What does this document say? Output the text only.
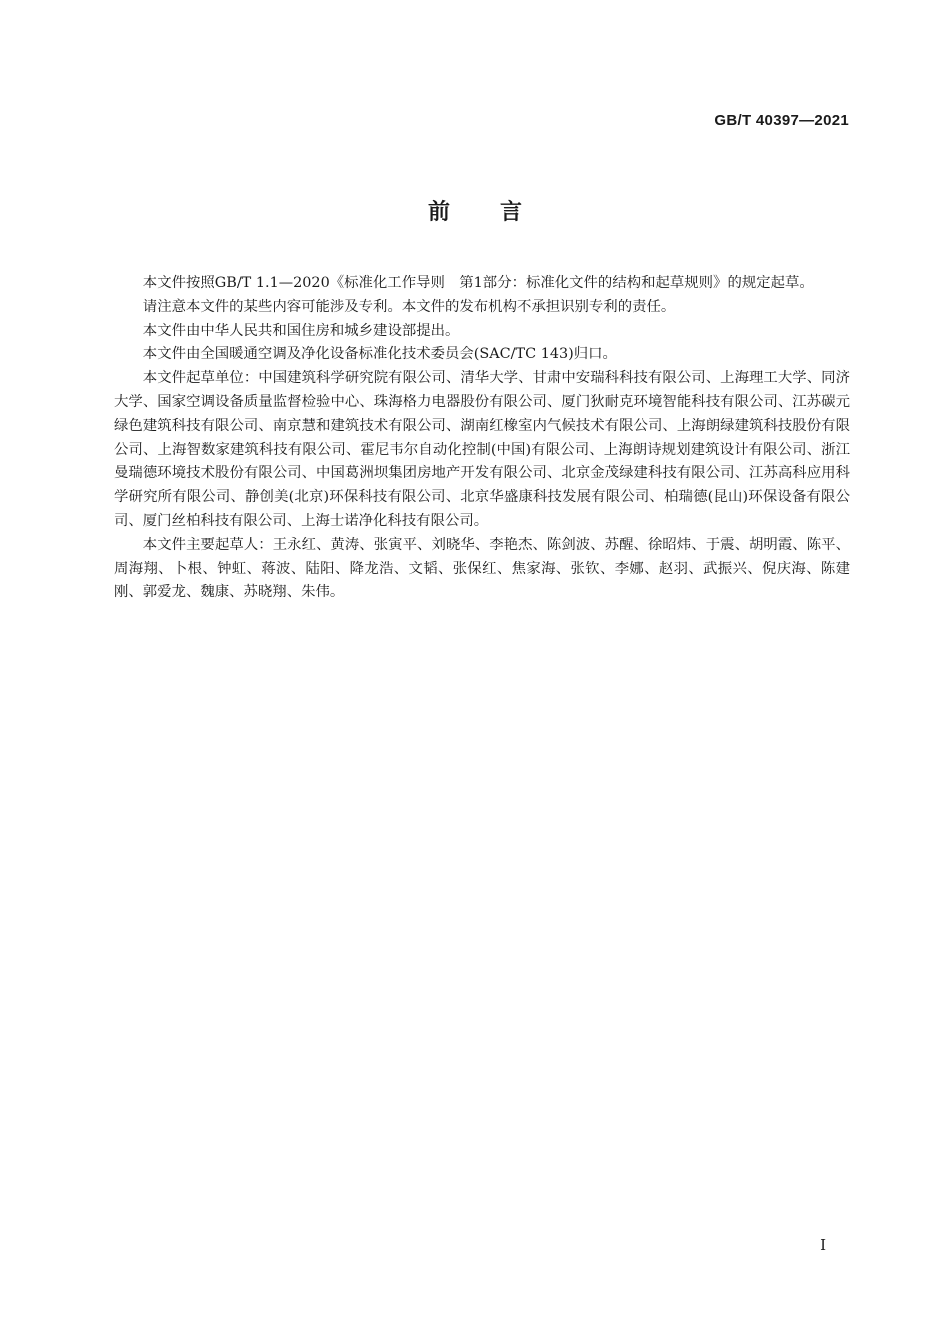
GB/T 40397—2021
前言

本文件按照GB/T 1.1—2020《标准化工作导则　第1部分：标准化文件的结构和起草规则》的规定起草。

请注意本文件的某些内容可能涉及专利。本文件的发布机构不承担识别专利的责任。

本文件由中华人民共和国住房和城乡建设部提出。

本文件由全国暖通空调及净化设备标准化技术委员会(SAC/TC 143)归口。

本文件起草单位：中国建筑科学研究院有限公司、清华大学、甘肃中安瑞科科技有限公司、上海理工大学、同济大学、国家空调设备质量监督检验中心、珠海格力电器股份有限公司、厦门狄耐克环境智能科技有限公司、江苏碳元绿色建筑科技有限公司、南京慧和建筑技术有限公司、湖南红橡室内气候技术有限公司、上海朗绿建筑科技股份有限公司、上海智数家建筑科技有限公司、霍尼韦尔自动化控制(中国)有限公司、上海朗诗规划建筑设计有限公司、浙江曼瑞德环境技术股份有限公司、中国葛洲坝集团房地产开发有限公司、北京金茂绿建科技有限公司、江苏高科应用科学研究所有限公司、静创美(北京)环保科技有限公司、北京华盛康科技发展有限公司、柏瑞德(昆山)环保设备有限公司、厦门丝柏科技有限公司、上海士诺净化科技有限公司。

本文件主要起草人：王永红、黄涛、张寅平、刘晓华、李艳杰、陈剑波、苏醒、徐昭炜、于震、胡明霞、陈平、周海翔、卜根、钟虹、蒋波、陆阳、降龙浩、文韬、张保红、焦家海、张钦、李娜、赵羽、武振兴、倪庆海、陈建刚、郭爱龙、魏康、苏晓翔、朱伟。

I
